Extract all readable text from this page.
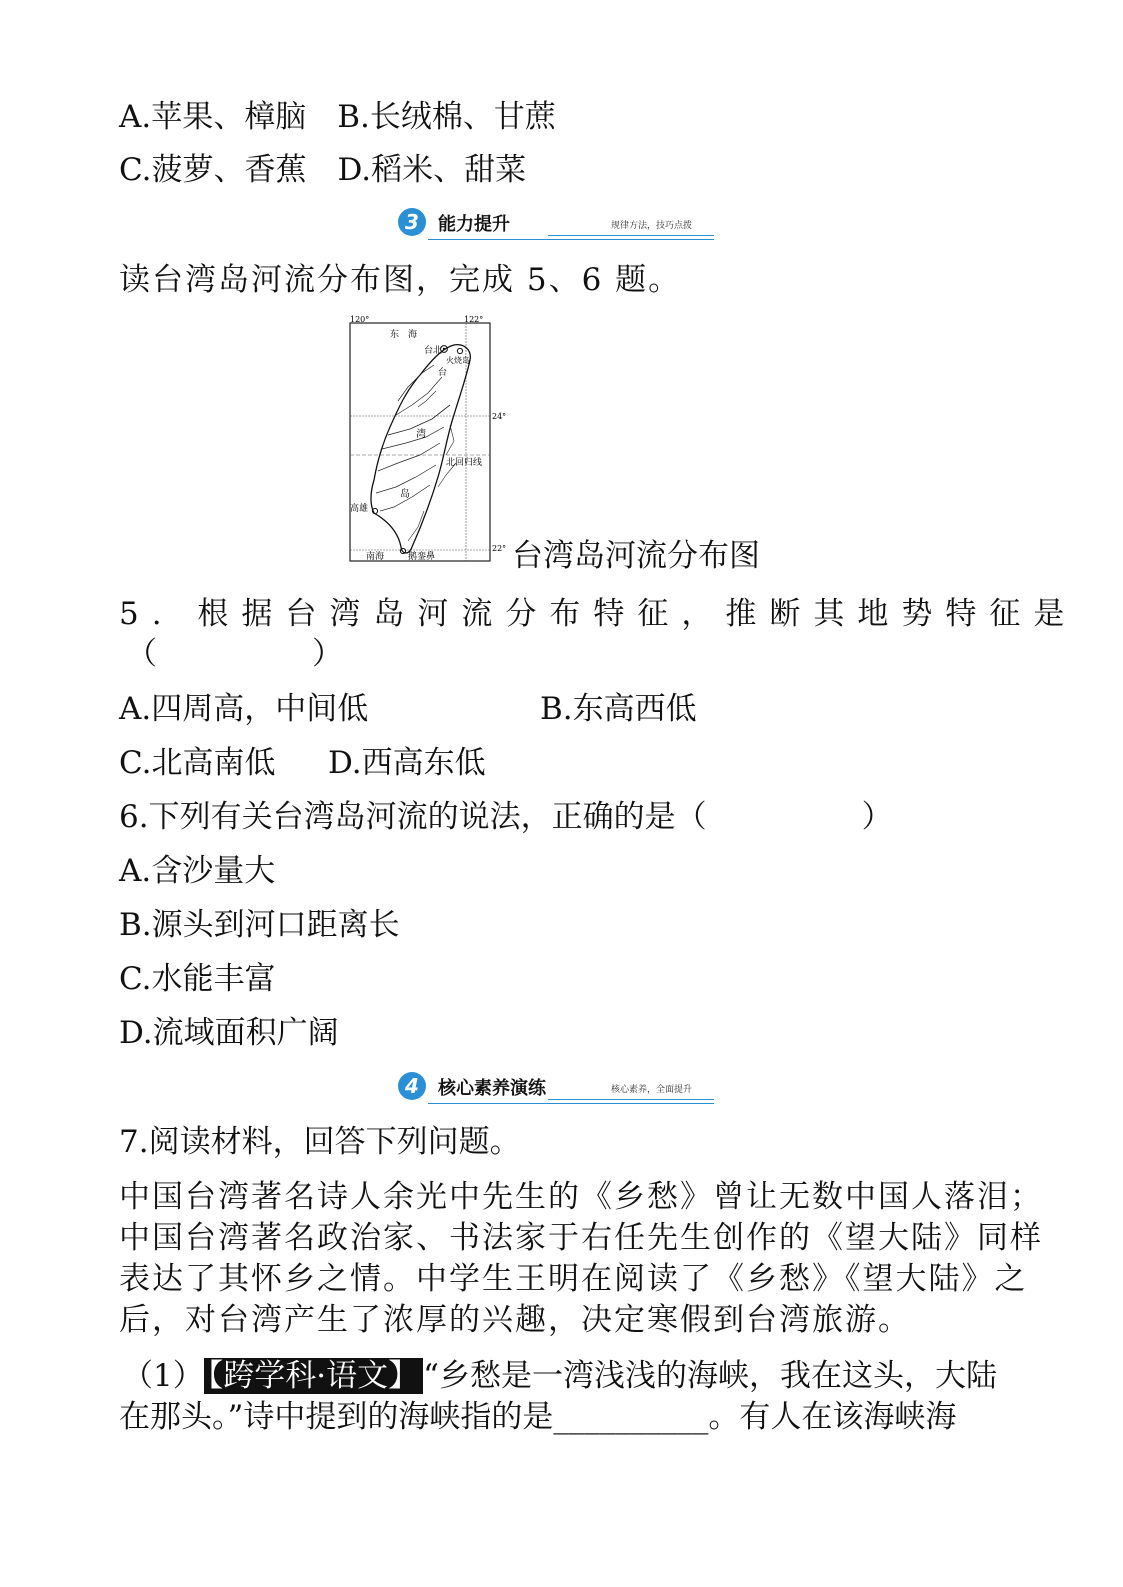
A.苹果、樟脑　B.长绒棉、甘蔗
C.菠萝、香蕉　D.稻米、甜菜
3	能力提升	规律方法，技巧点拨
读台湾岛河流分布图，完成 5、6 题。
120°	122°
24°
22°
东　海
台北
火烧岛
台
湾
北回归线
岛
高雄
南海	鹅銮鼻 台湾岛河流分布图
5. 根据台湾岛河流分布特征，推断其地势特征是
（　　　　　）
A.四周高，中间低	B.东高西低
C.北高南低 D.西高东低
6.下列有关台湾岛河流的说法，正确的是（　　　　　）
A.含沙量大
B.源头到河口距离长
C.水能丰富
D.流域面积广阔
4	核心素养演练	核心素养，全面提升
7.阅读材料，回答下列问题。
中国台湾著名诗人余光中先生的《乡愁》曾让无数中国人落泪；
中国台湾著名政治家、书法家于右任先生创作的《望大陆》同样
表达了其怀乡之情。中学生王明在阅读了《乡愁》《望大陆》之
后，对台湾产生了浓厚的兴趣，决定寒假到台湾旅游。
（1） 【跨学科·语文】 “乡愁是一湾浅浅的海峡，我在这头，大陆
在那头。”诗中提到的海峡指的是__________。有人在该海峡海
